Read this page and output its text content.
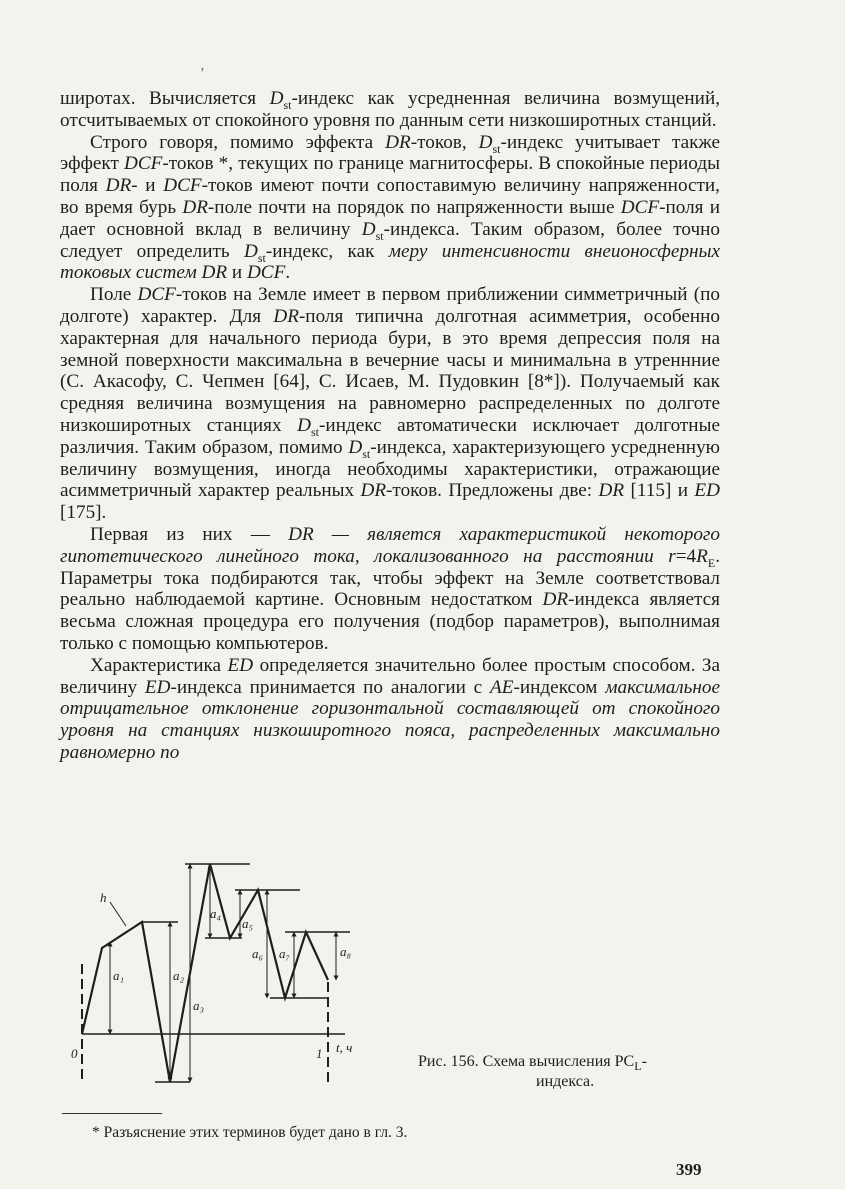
ʼ

широтах. Вычисляется $D_{st}$-индекс как усредненная величина возмущений, отсчитываемых от спокойного уровня по данным сети низкоширотных станций.

Строго говоря, помимо эффекта DR-токов, $D_{st}$-индекс учитывает также эффект DCF-токов *, текущих по границе магнитосферы. В спокойные периоды поля DR- и DCF-токов имеют почти сопоставимую величину напряженности, во время бурь DR-поле почти на порядок по напряженности выше DCF-поля и дает основной вклад в величину $D_{st}$-индекса. Таким образом, более точно следует определить $D_{st}$-индекс, как меру интенсивности внеионосферных токовых систем DR и DCF.

Поле DCF-токов на Земле имеет в первом приближении симметричный (по долготе) характер. Для DR-поля типична долготная асимметрия, особенно характерная для начального периода бури, в это время депрессия поля на земной поверхности максимальна в вечерние часы и минимальна в утреннние (С. Акасофу, С. Чепмен [64], С. Исаев, М. Пудовкин [8*]). Получаемый как средняя величина возмущения на равномерно распределенных по долготе низкоширотных станциях $D_{st}$-индекс автоматически исключает долготные различия. Таким образом, помимо $D_{st}$-индекса, характеризующего усредненную величину возмущения, иногда необходимы характеристики, отражающие асимметричный характер реальных DR-токов. Предложены две: DR [115] и ED [175].

Первая из них — DR — является характеристикой некоторого гипотетического линейного тока, локализованного на расстоянии $r=4R_E$. Параметры тока подбираются так, чтобы эффект на Земле соответствовал реально наблюдаемой картине. Основным недостатком DR-индекса является весьма сложная процедура его получения (подбор параметров), выполнимая только с помощью компьютеров.

Характеристика ED определяется значительно более простым способом. За величину ED-индекса принимается по аналогии с AE-индексом максимальное отрицательное отклонение горизонтальной составляющей от спокойного уровня на станциях низкоширотного пояса, распределенных максимально равномерно по

h
a₁	a₂
a₃
a₄
a₅
a₆ a₇	a₈
0	1 t, ч
Рис. 156. Схема вычисления $PC_L-$
индекса.
* Разъяснение этих терминов будет дано в гл. 3.
399
